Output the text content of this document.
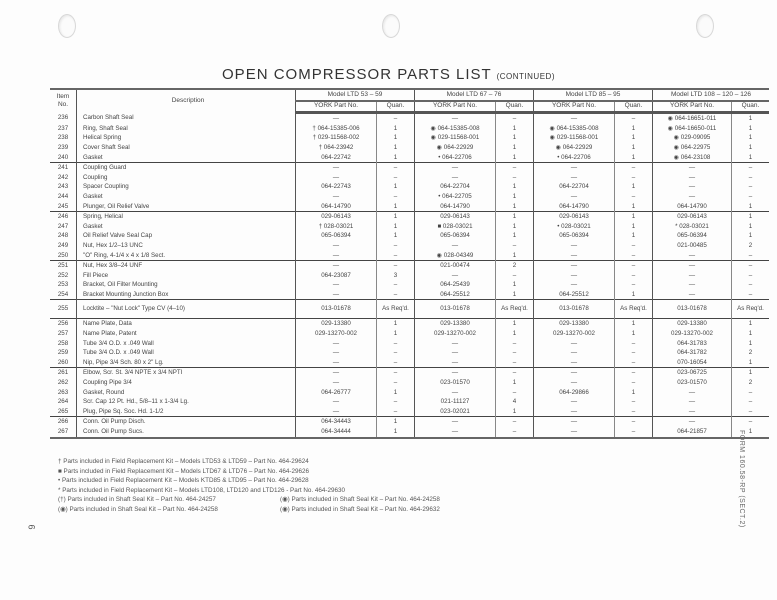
OPEN COMPRESSOR PARTS LIST (CONTINUED)
Item No.	Description	Model LTD 53 – 59		Model LTD 67 – 76		Model LTD 85 – 95		Model LTD 108 – 120 – 126	
		YORK Part No.	Quan.	YORK Part No.	Quan.	YORK Part No.	Quan.	YORK Part No.	Quan.
236	Carbon Shaft Seal	—	–	—	–	—	–	◉ 064-16651-011	1
237	Ring, Shaft Seal	† 064-15385-006	1	◉ 064-15385-008	1	◉ 064-15385-008	1	◉ 064-16650-011	1
238	Helical Spring	† 029-11568-002	1	◉ 029-11568-001	1	◉ 029-11568-001	1	◉ 029-09095	1
239	Cover Shaft Seal	† 064-23942	1	◉ 064-22929	1	◉ 064-22929	1	◉ 064-22975	1
240	Gasket	064-22742	1	• 064-22706	1	• 064-22706	1	◉ 064-23108	1
241	Coupling Guard	—	–	—	–	—	–	—	–
242	Coupling	—	–	—	–	—	–	—	–
243	Spacer Coupling	064-22743	1	064-22704	1	064-22704	1	—	–
244	Gasket	—	–	• 064-22705	1	—	–	—	–
245	Plunger, Oil Relief Valve	064-14790	1	064-14790	1	064-14790	1	064-14790	1
246	Spring, Helical	029-06143	1	029-06143	1	029-06143	1	029-06143	1
247	Gasket	† 028-03021	1	■ 028-03021	1	• 028-03021	1	* 028-03021	1
248	Oil Relief Valve Seal Cap	065-06394	1	065-06394	1	065-06394	1	065-06394	1
249	Nut, Hex 1/2–13 UNC	—	–	—	–	—	–	021-00485	2
250	"O" Ring, 4-1/4 x 4 x 1/8 Sect.	—	–	◉ 028-04349	1	—	–	—	–
251	Nut, Hex 3/8–24 UNF	—	–	021-00474	2	—	–	—	–
252	Fill Piece	064-23087	3	—	–	—	–	—	–
253	Bracket, Oil Filter Mounting	—	–	064-25439	1	—	–	—	–
254	Bracket Mounting Junction Box	—	–	064-25512	1	064-25512	1	—	–
255	Locktite – "Nut Lock" Type CV (4–10)	013-01678	As Req'd.	013-01678	As Req'd.	013-01678	As Req'd.	013-01678	As Req'd.
256	Name Plate, Data	029-13380	1	029-13380	1	029-13380	1	029-13380	1
257	Name Plate, Patent	029-13270-002	1	029-13270-002	1	029-13270-002	1	029-13270-002	1
258	Tube 3/4 O.D. x .049 Wall	—	–	—	–	—	–	064-31783	1
259	Tube 3/4 O.D. x .049 Wall	—	–	—	–	—	–	064-31782	2
260	Nip, Pipe 3/4 Sch. 80 x 2" Lg.	—	–	—	–	—	–	070-16054	1
261	Elbow, Scr. St. 3/4 NPTE x 3/4 NPTI	—	–	—	–	—	–	023-06725	1
262	Coupling Pipe 3/4	—	–	023-01570	1	—	–	023-01570	2
263	Gasket, Round	064-26777	1	—	–	064-29866	1	—	–
264	Scr. Cap 12 Pt. Hd., 5/8–11 x 1-3/4 Lg.	—	–	021-11127	4	—	–	—	–
265	Plug, Pipe Sq. Soc. Hd. 1-1/2	—	–	023-02021	1	—	–	—	–
266	Conn. Oil Pump Disch.	064-34443	1	—	–	—	–	—	–
267	Conn. Oil Pump Sucs.	064-34444	1	—	–	—	–	064-21857	1
† Parts included in Field Replacement Kit – Models LTD53 & LTD59 – Part No. 464-29624
■ Parts included in Field Replacement Kit – Models LTD67 & LTD76 – Part No. 464-29626
• Parts included in Field Replacement Kit – Models KTD85 & LTD95 – Part No. 464-29628
* Parts included in Field Replacement Kit – Models LTD108, LTD120 and LTD126 - Part No. 464-29630
(†) Parts included in Shaft Seal Kit – Part No. 464-24257	(◉) Parts included in Shaft Seal Kit – Part No. 464-24258
(◉) Parts included in Shaft Seal Kit – Part No. 464-24258	(◉) Parts included in Shaft Seal Kit – Part No. 464-29632	FORM 160.58-RP (SECT.2)
6
